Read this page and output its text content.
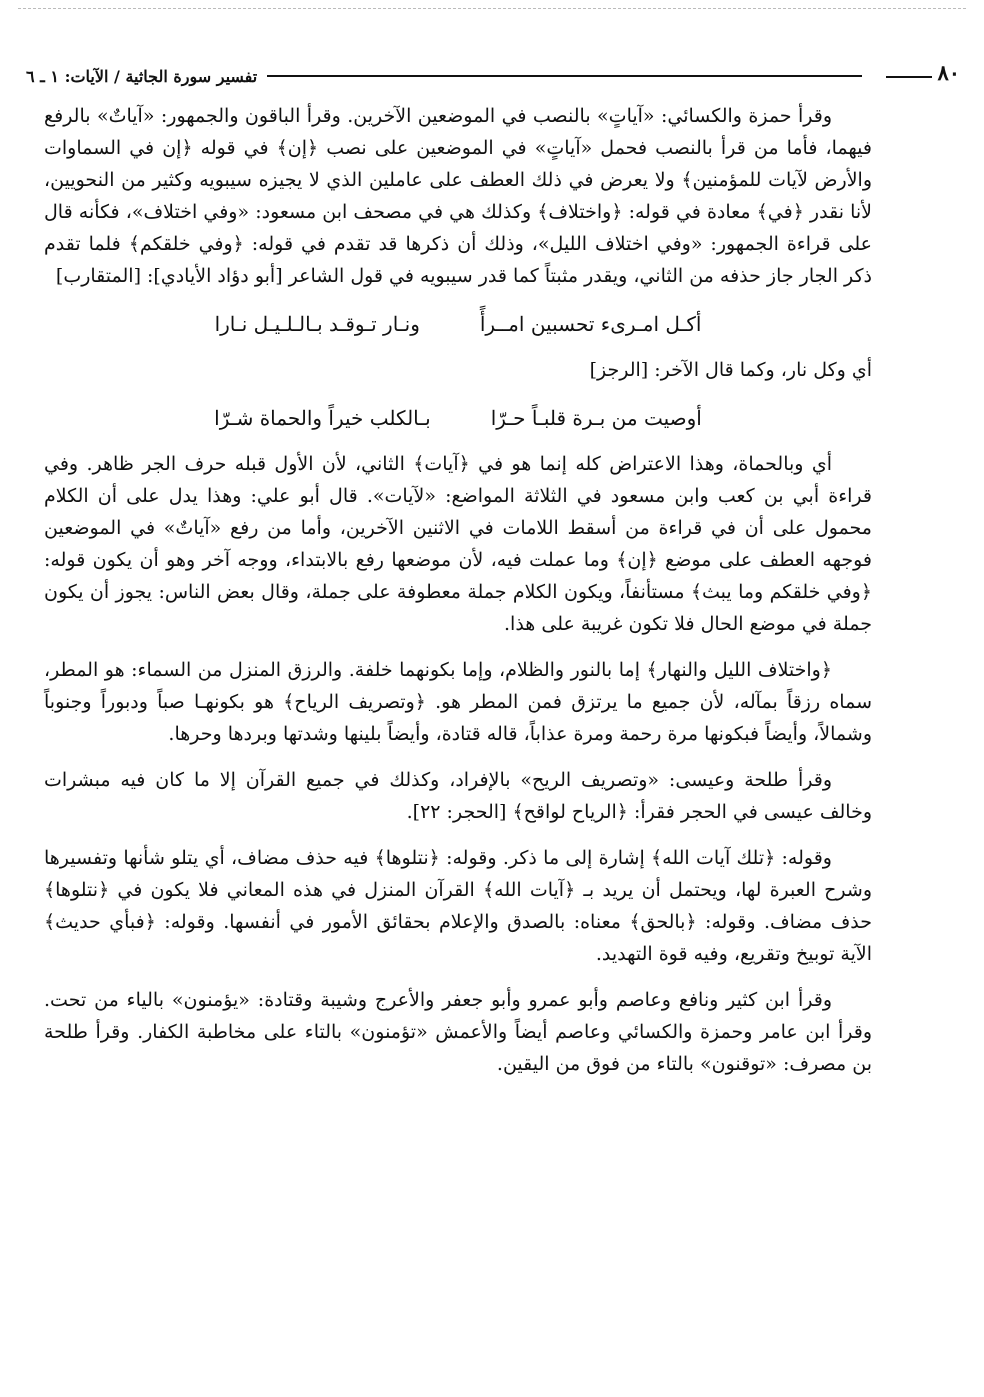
٨٠
تفسير سورة الجاثية / الآيات: ١ ـ ٦

وقرأ حمزة والكسائي: «آياتٍ» بالنصب في الموضعين الآخرين. وقرأ الباقون والجمهور: «آياتٌ» بالرفع فيهما، فأما من قرأ بالنصب فحمل «آياتٍ» في الموضعين على نصب ﴿إن﴾ في قوله ﴿إن في السماوات والأرض لآيات للمؤمنين﴾ ولا يعرض في ذلك العطف على عاملين الذي لا يجيزه سيبويه وكثير من النحويين، لأنا نقدر ﴿في﴾ معادة في قوله: ﴿واختلاف﴾ وكذلك هي في مصحف ابن مسعود: «وفي اختلاف»، فكأنه قال على قراءة الجمهور: «وفي اختلاف الليل»، وذلك أن ذكرها قد تقدم في قوله: ﴿وفي خلقكم﴾ فلما تقدم ذكر الجار جاز حذفه من الثاني، ويقدر مثبتاً كما قدر سيبويه في قول الشاعر [أبو دؤاد الأيادي]: [المتقارب]

أكـل امـرىء تحسبين امــرأً
ونـار تـوقـد بـالـلـيـل نـارا

أي وكل نار، وكما قال الآخر: [الرجز]

أوصيت من بـرة قلبـاً حـرّا
بـالكلب خيراً والحماة شـرّا

أي وبالحماة، وهذا الاعتراض كله إنما هو في ﴿آيات﴾ الثاني، لأن الأول قبله حرف الجر ظاهر. وفي قراءة أبي بن كعب وابن مسعود في الثلاثة المواضع: «لآيات». قال أبو علي: وهذا يدل على أن الكلام محمول على أن في قراءة من أسقط اللامات في الاثنين الآخرين، وأما من رفع «آياتٌ» في الموضعين فوجهه العطف على موضع ﴿إن﴾ وما عملت فيه، لأن موضعها رفع بالابتداء، ووجه آخر وهو أن يكون قوله: ﴿وفي خلقكم وما يبث﴾ مستأنفاً، ويكون الكلام جملة معطوفة على جملة، وقال بعض الناس: يجوز أن يكون جملة في موضع الحال فلا تكون غريبة على هذا.

﴿واختلاف الليل والنهار﴾ إما بالنور والظلام، وإما بكونهما خلفة. والرزق المنزل من السماء: هو المطر، سماه رزقاً بمآله، لأن جميع ما يرتزق فمن المطر هو. ﴿وتصريف الرياح﴾ هو بكونهـا صباً ودبوراً وجنوباً وشمالاً، وأيضاً فبكونها مرة رحمة ومرة عذاباً، قاله قتادة، وأيضاً بلينها وشدتها وبردها وحرها.

وقرأ طلحة وعيسى: «وتصريف الريح» بالإفراد، وكذلك في جميع القرآن إلا ما كان فيه مبشرات وخالف عيسى في الحجر فقرأ: ﴿الرياح لواقح﴾ [الحجر: ٢٢].

وقوله: ﴿تلك آيات الله﴾ إشارة إلى ما ذكر. وقوله: ﴿نتلوها﴾ فيه حذف مضاف، أي يتلو شأنها وتفسيرها وشرح العبرة لها، ويحتمل أن يريد بـ ﴿آيات الله﴾ القرآن المنزل في هذه المعاني فلا يكون في ﴿نتلوها﴾ حذف مضاف. وقوله: ﴿بالحق﴾ معناه: بالصدق والإعلام بحقائق الأمور في أنفسها. وقوله: ﴿فبأي حديث﴾ الآية توبيخ وتقريع، وفيه قوة التهديد.

وقرأ ابن كثير ونافع وعاصم وأبو عمرو وأبو جعفر والأعرج وشيبة وقتادة: «يؤمنون» بالياء من تحت. وقرأ ابن عامر وحمزة والكسائي وعاصم أيضاً والأعمش «تؤمنون» بالتاء على مخاطبة الكفار. وقرأ طلحة بن مصرف: «توقنون» بالتاء من فوق من اليقين.
